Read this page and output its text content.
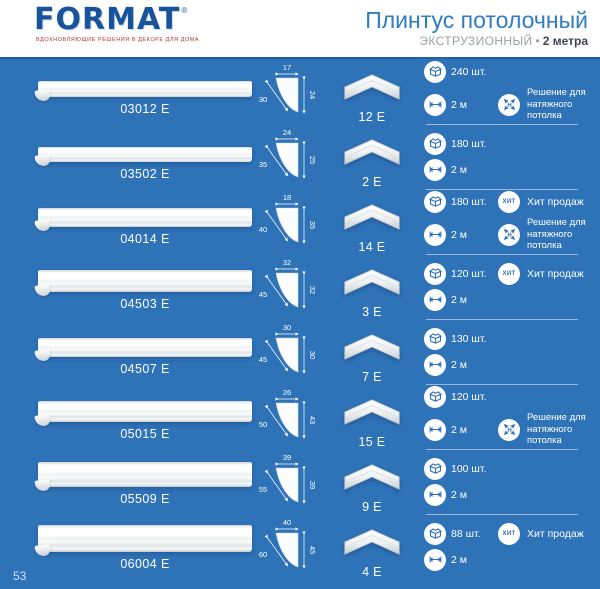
FORMAT ®
ВДОХНОВЛЯЮЩИЕ РЕШЕНИЯ В ДЕКОРЕ ДЛЯ ДОМА
Плинтус потолочный
ЭКСТРУЗИОННЫЙ • 2 метра
03012 E
17
30	24
12 E
240 шт.
2 м	Н
Решение для натяжного потолка
03502 E
24
35	25
2 E
180 шт.
2 м
04014 E
18
40	35
14 E
180 шт.	ХИТ Хит продаж
2 м	Н
Решение для натяжного потолка
04503 E
32
45	32
3 E
120 шт.	ХИТ Хит продаж
2 м
04507 E
30
45	30
7 E
130 шт.
2 м
05015 E
26
50	43
15 E
120 шт.
2 м	Н
Решение для натяжного потолка
05509 E
39
55	39
9 E
100 шт.
2 м
06004 E
40
60	45
4 E
88 шт.	ХИТ Хит продаж
2 м
53
